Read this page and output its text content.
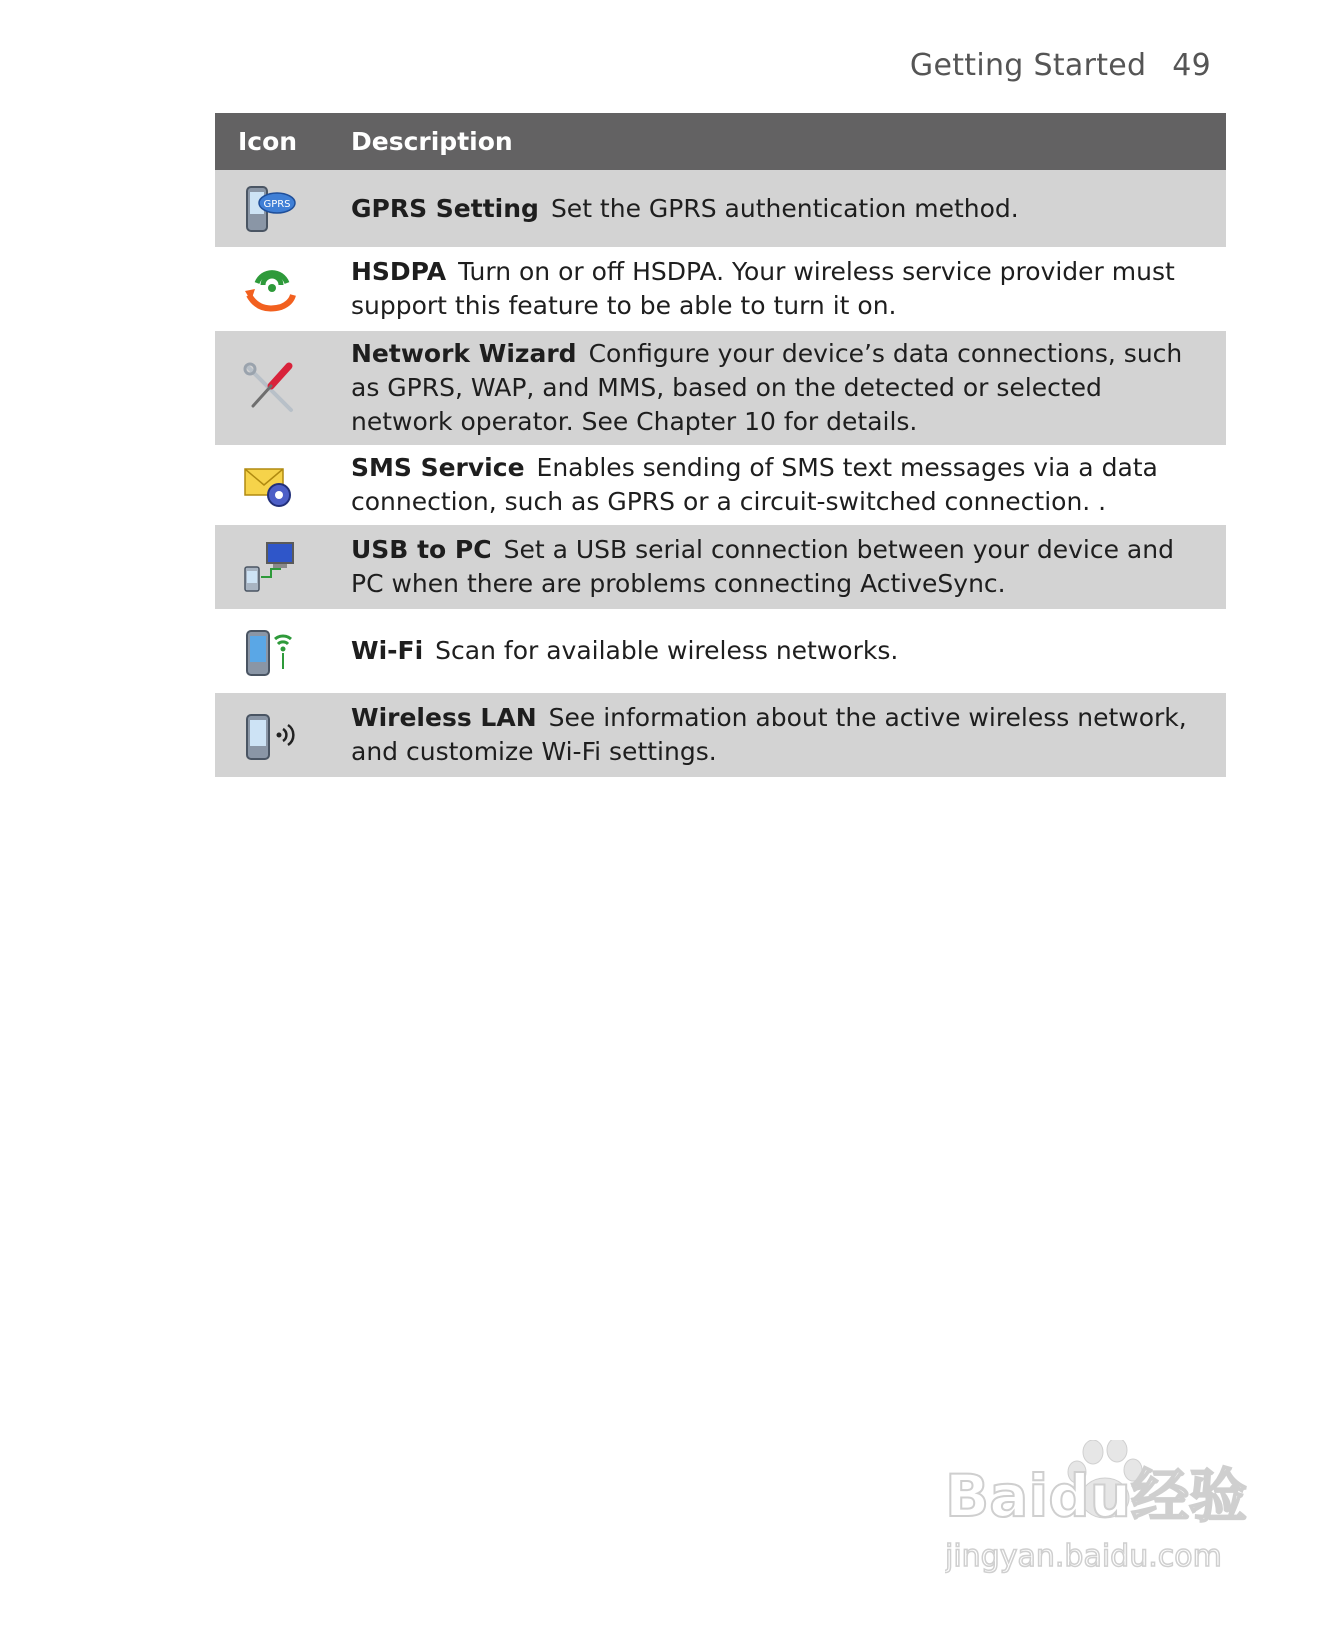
Getting Started 49
Icon	Description

GPRS	GPRS Setting Set the GPRS authentication method.
	HSDPA Turn on or off HSDPA. Your wireless service provider must support this feature to be able to turn it on.
	Network Wizard Configure your device’s data connections, such as GPRS, WAP, and MMS, based on the detected or selected network operator. See Chapter 10 for details.
	SMS Service Enables sending of SMS text messages via a data connection, such as GPRS or a circuit-switched connection. .
	USB to PC Set a USB serial connection between your device and PC when there are problems connecting ActiveSync.
	Wi-Fi Scan for available wireless networks.
	Wireless LAN See information about the active wireless network, and customize Wi-Fi settings.
Baidu经验
jingyan.baidu.com
